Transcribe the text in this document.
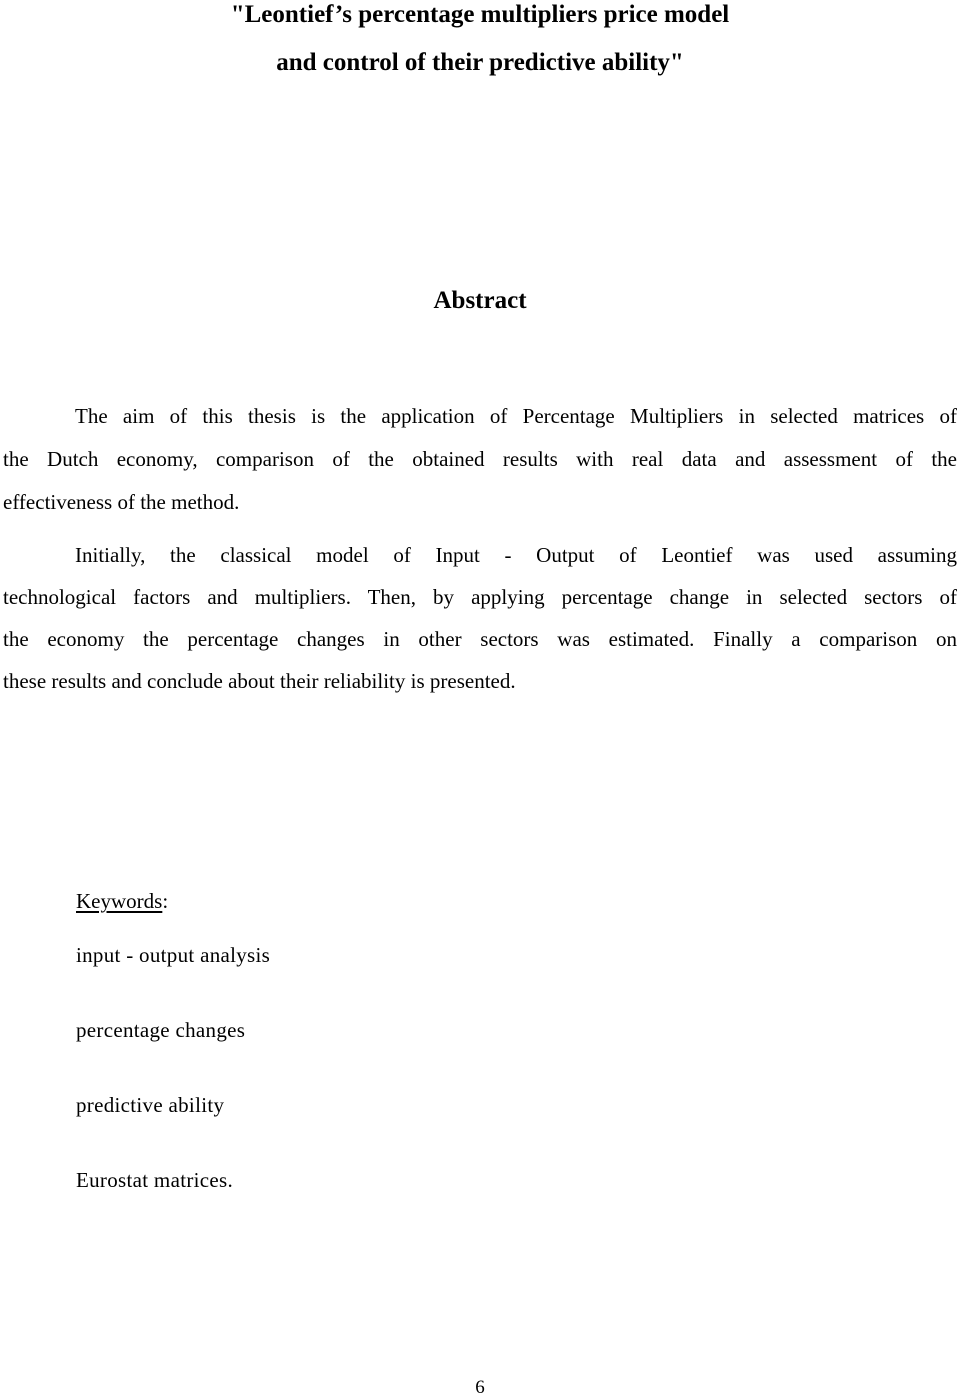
"Leontief’s percentage multipliers price model
and control of their predictive ability"
Abstract
The aim of this thesis is the application of Percentage Multipliers in selected matrices of
the Dutch economy, comparison of the obtained results with real data and assessment of the
effectiveness of the method.
Initially, the classical model of Input - Output of Leontief was used assuming
technological factors and multipliers. Then, by applying percentage change in selected sectors of
the economy the percentage changes in other sectors was estimated. Finally a comparison on
these results and conclude about their reliability is presented.
Keywords:
input - output analysis
percentage changes
predictive ability
Eurostat matrices.
6
